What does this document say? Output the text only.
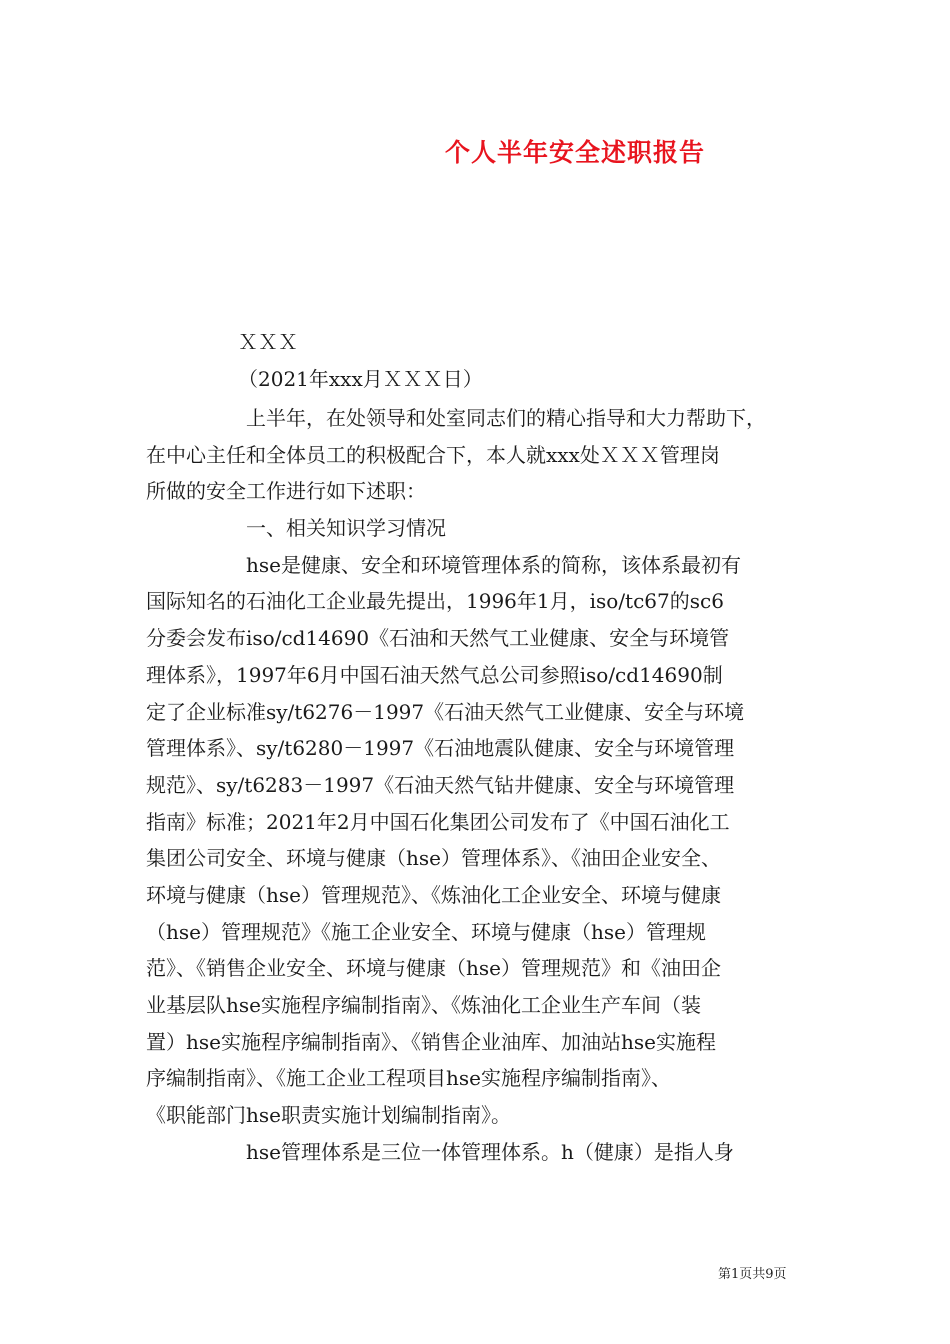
个人半年安全述职报告
ＸＸＸ
（2021年xxx月ＸＸＸ日）
上半年，在处领导和处室同志们的精心指导和大力帮助下，
在中心主任和全体员工的积极配合下，本人就xxx处ＸＸＸ管理岗
所做的安全工作进行如下述职：
一、相关知识学习情况
hse是健康、安全和环境管理体系的简称，该体系最初有
国际知名的石油化工企业最先提出，1996年1月，iso/tc67的sc6
分委会发布iso/cd14690《石油和天然气工业健康、安全与环境管
理体系》，1997年6月中国石油天然气总公司参照iso/cd14690制
定了企业标准sy/t6276－1997《石油天然气工业健康、安全与环境
管理体系》、sy/t6280－1997《石油地震队健康、安全与环境管理
规范》、sy/t6283－1997《石油天然气钻井健康、安全与环境管理
指南》标准；2021年2月中国石化集团公司发布了《中国石油化工
集团公司安全、环境与健康（hse）管理体系》、《油田企业安全、
环境与健康（hse）管理规范》、《炼油化工企业安全、环境与健康
（hse）管理规范》《施工企业安全、环境与健康（hse）管理规
范》、《销售企业安全、环境与健康（hse）管理规范》和《油田企
业基层队hse实施程序编制指南》、《炼油化工企业生产车间（装
置）hse实施程序编制指南》、《销售企业油库、加油站hse实施程
序编制指南》、《施工企业工程项目hse实施程序编制指南》、
《职能部门hse职责实施计划编制指南》。
hse管理体系是三位一体管理体系。h（健康）是指人身
第1页共9页
